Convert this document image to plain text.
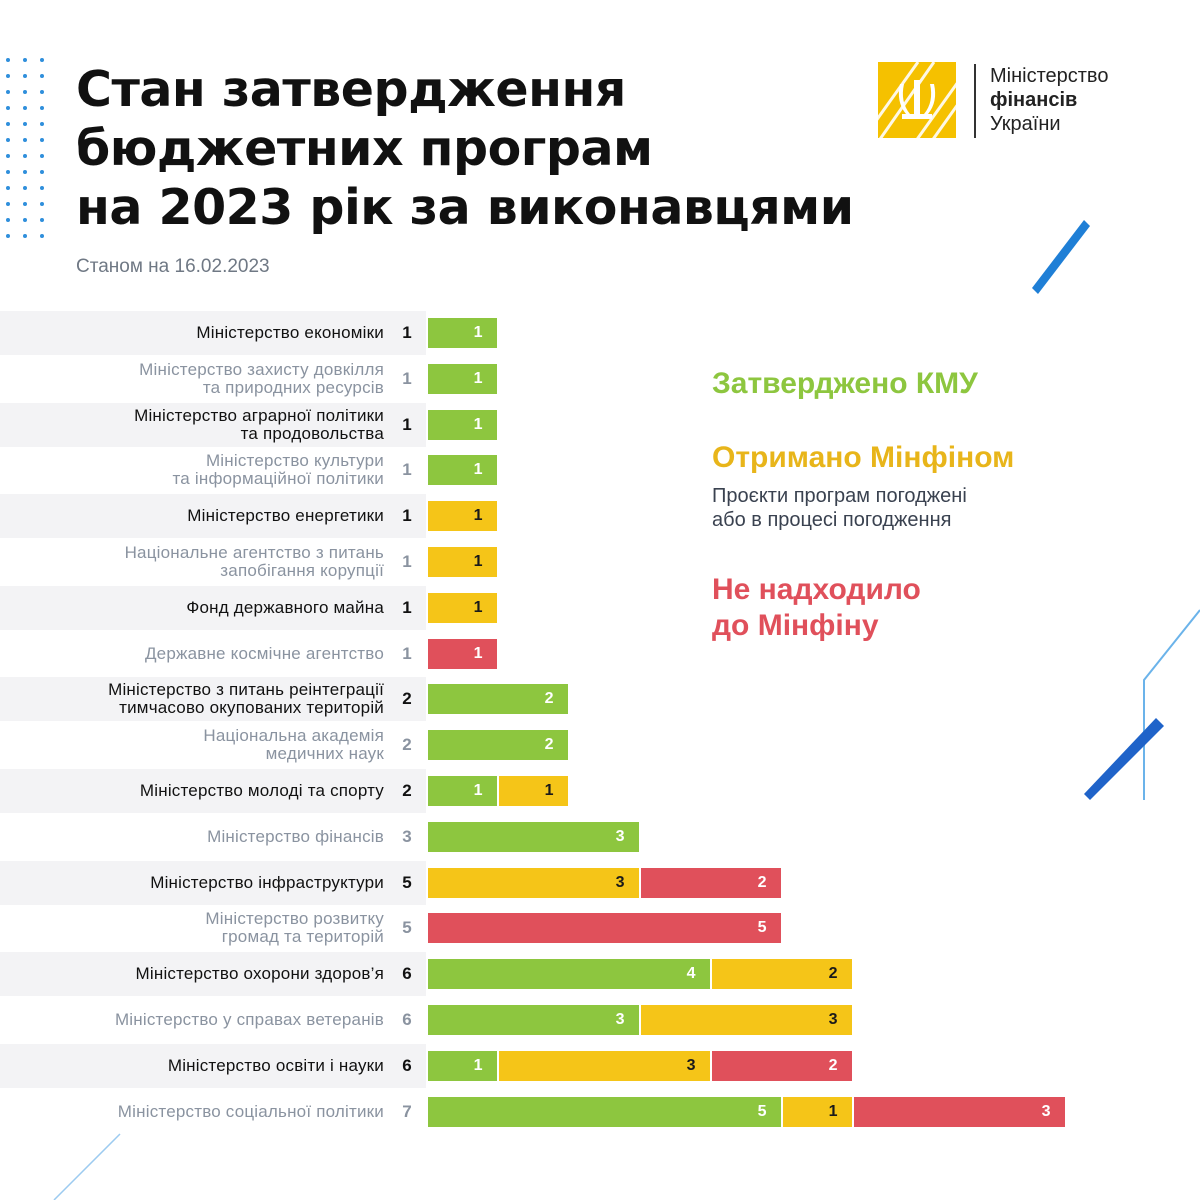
Стан затвердження
бюджетних програм
на 2023 рік за виконавцями
Станом на 16.02.2023
Міністерство
фінансів
України
Міністерство економіки 1	1
Міністерство захисту довкілля
та природних ресурсів 1	1
Міністерство аграрної політики
та продовольства 1	1
Міністерство культури
та інформаційної політики 1	1
Міністерство енергетики 1	1
Національне агентство з питань
запобігання корупції 1	1
Фонд державного майна 1	1
Державне космічне агентство 1	1
Міністерство з питань реінтеграції
тимчасово окупованих територій 2	2
Національна академія
медичних наук 2	2
Міністерство молоді та спорту 2	1	1
Міністерство фінансів 3	3
Міністерство інфраструктури 5	3	2
Міністерство розвитку
громад та територій 5	5
Міністерство охорони здоров’я 6	4	2
Міністерство у справах ветеранів 6	3	3
Міністерство освіти і науки 6	1	3	2
Міністерство соціальної політики 7	5	1	3
Затверджено КМУ
Отримано Мінфіном
Проєкти програм погоджені
або в процесі погодження
Не надходило
до Мінфіну
